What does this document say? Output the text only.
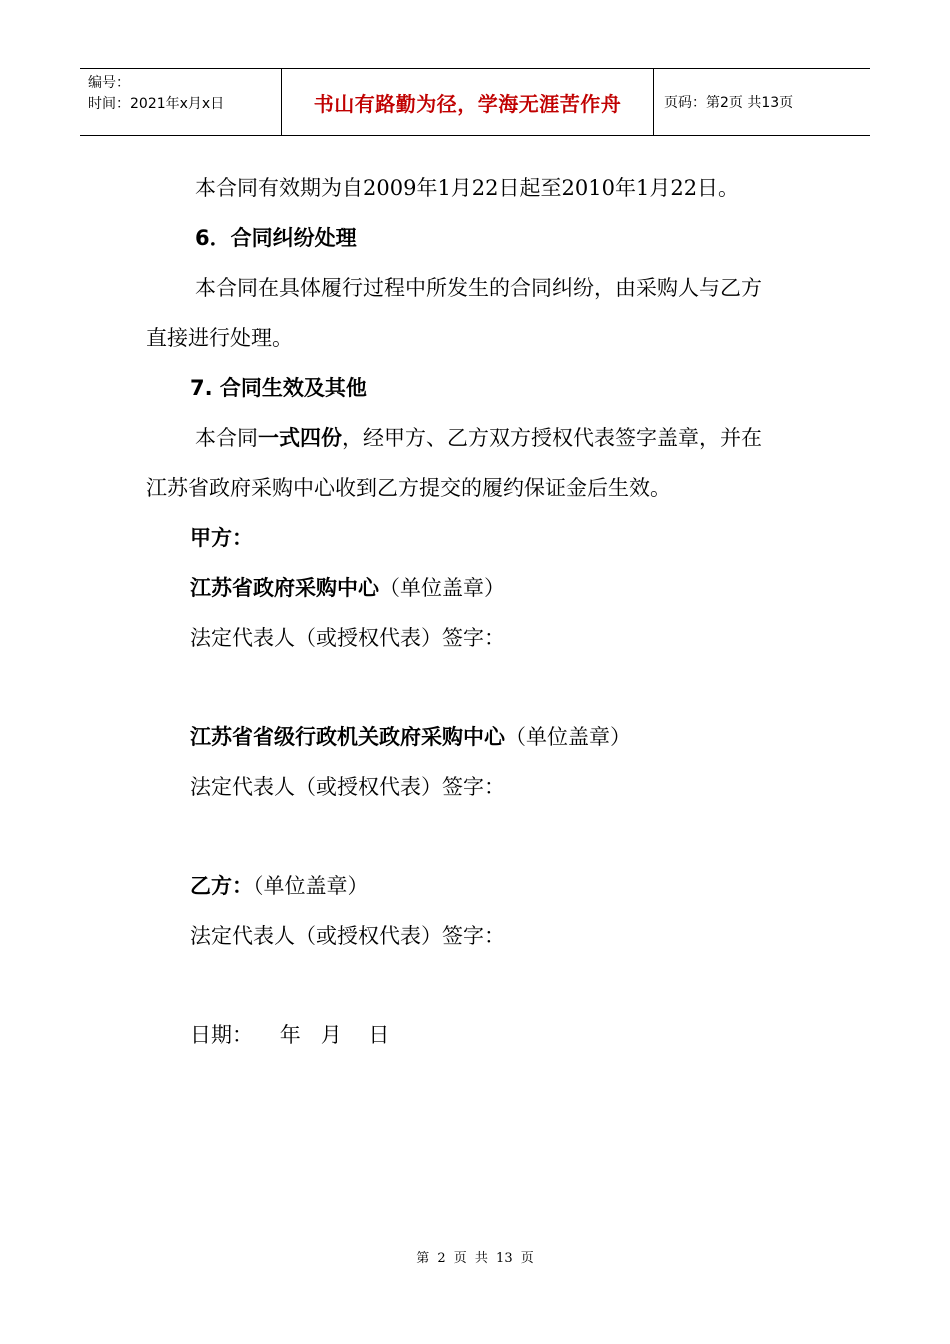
编号：
时间：2021年x月x日	书山有路勤为径，学海无涯苦作舟	页码：第2页 共13页
本合同有效期为自2009年1月22日起至2010年1月22日。
6．合同纠纷处理
本合同在具体履行过程中所发生的合同纠纷，由采购人与乙方
直接进行处理。
7. 合同生效及其他
本合同一式四份，经甲方、乙方双方授权代表签字盖章，并在
江苏省政府采购中心收到乙方提交的履约保证金后生效。
甲方：
江苏省政府采购中心（单位盖章）
法定代表人（或授权代表）签字：
江苏省省级行政机关政府采购中心（单位盖章）
法定代表人（或授权代表）签字：
乙方：（单位盖章）
法定代表人（或授权代表）签字：
日期：    年   月    日
第 2 页 共 13 页
